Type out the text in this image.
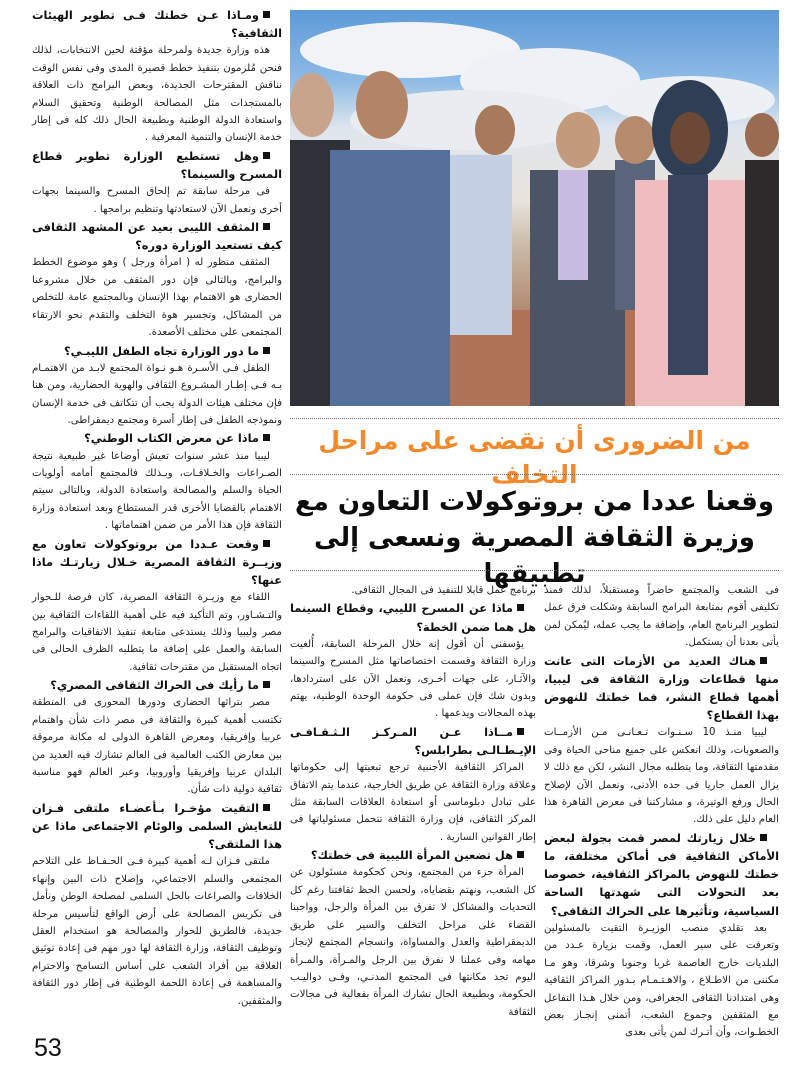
ومـاذا عـن خطتك فـى تطوير الهيئات الثقافية؟

هذه وزارة جديدة ولمرحلة مؤقتة لحين الانتخابات، لذلك فنحن مُلزمون بتنفيذ خطط قصيرة المدى وفى نفس الوقت نناقش المقترحات الجديدة، وبعض البرامج ذات العلاقة بالمستجدات مثل المصالحة الوطنية وتحقيق السلام واستعادة الدولة الوطنية وبطبيعة الحال ذلك كله فى إطار خدمة الإنسان والتنمية المعرفية .

وهل تستطيع الوزارة تطوير قطاع المسرح والسينما؟

فى مرحلة سابقة تم إلحاق المسرح والسينما بجهات أخرى ونعمل الآن لاستعادتها وتنظيم برامجها .

المثقف الليبى بعيد عن المشهد الثقافى كيف تستعيد الوزارة دوره؟

المثقف منظور له ( امرأة ورجل ) وهو موضوع الخطط والبرامج، وبالتالى فإن دور المثقف من خلال مشروعنا الحضارى هو الاهتمام بهذا الإنسان وبالمجتمع عامة للتخلص من المشاكل، وتجسير هوة التخلف والتقدم نحو الارتقاء المجتمعى على مختلف الأصعدة.

ما دور الوزارة تجاه الطفل الليبـي؟

الطفل فـى الأسـرة هـو نـواة المجتمع لابـد من الاهتمـام بـه فـى إطـار المشـروع الثقافى والهوية الحضارية، ومن هنا فإن مختلف هيئات الدولة يجب أن تتكاتف فى خدمة الإنسان ونموذجه الطفل فى إطار أسرة ومجتمع ديمقراطى.

ماذا عن معرض الكتاب الوطني؟

ليبيا منذ عشر سنوات تعيش أوضاعا غير طبيعية نتيجة الصـراعات والخـلافـات، وبـذلك فالمجتمع أمامه أولويات الحياة والسلم والمصالحة واستعادة الدولة، وبالتالى سيتم الاهتمام بالقضايا الأخرى قدر المستطاع وبعد استعادة وزارة الثقافة فإن هذا الأمر من ضمن اهتماماتها .

وقعت عـددا من بروتوكولات تعاون مع وزيــرة الثقافة المصرية خـلال زيارتـك ماذا عنها؟

اللقاء مع وزيـرة الثقافة المصرية، كان فرصة للـحوار والتـشـاور، وتم التأكيد فيه على أهمية اللقاءات الثقافية بين مصر وليبيا وذلك يستدعى متابعة تنفيذ الاتفاقيات والبرامج السابقة والعمل على إضافة ما يتطلبه الظرف الحالى فى اتجاه المستقبل من مقترحات ثقافية.

ما رأيك فى الحراك الثقافى المصري؟

مصر بتراثها الحضارى ودورها المحورى فى المنطقة تكتسب أهمية كبيرة والثقافة فى مصر ذات شأن واهتمام عربيا وإفريقيا، ومعرض القاهرة الدولى له مكانة مرموقة بين معارض الكتب العالمية فى العالم تشارك فيه العديد من البلدان عربيا وإفريقيا وأوروبيا، وعبر العالم فهو مناسبة ثقافية دولية ذات شأن.

التقيت مؤخـرا بـأعضـاء ملتقى فـزان للتعايش السلمى والوئام الاجتماعى ماذا عن هذا الملتقى؟

ملتقى فـزان لـه أهمية كبيرة فـى الحـفـاظ على التلاحم المجتمعى والسلم الاجتماعي، وإصلاح ذات البين وإنهاء الخلافات والصراعات بالحل السلمى لمصلحة الوطن ونأمل فى تكريس المصالحة على أرض الواقع لتأسيس مرحلة جديدة، فالطريق للحوار والمصالحة هو استخدام العقل وتوظيف الثقافة، وزارة الثقافة لها دور مهم فى إعادة توثيق العلاقة بين أفراد الشعب على أساس التسامح والاحترام والمساهمة فى إعادة اللحمة الوطنية فى إطار دور الثقافة والمثقفين.

من الضرورى أن نقضى على مراحل التخلف
وقعنا عددا من بروتوكولات التعاون مع وزيرة الثقافة المصرية ونسعى إلى تطبيقها

برنامج عمل قابلا للتنفيذ فى المجال الثقافى.

ماذا عن المسرح الليبي، وقطاع السينما هل هما ضمن الخطة؟

يؤسفنى أن أقول إنه خلال المرحلة السابقة، أُلغيت وزارة الثقافة وقسمت اختصاصاتها مثل المسرح والسينما والآثـار، على جهات أخـرى، ونعمل الآن على استردادها، وبدون شك فإن عملى فى حكومة الوحدة الوطنية، يهتم بهذه المجالات ويدعمها .

مــاذا عـن المـركـز الـثـقـافـى الإيـطـالـى بطرابلس؟

المراكز الثقافية الأجنبية ترجع تبعيتها إلى حكوماتها وعلاقة وزارة الثقافة عن طريق الخارجية، عندما يتم الاتفاق على تبادل دبلوماسى أو استعادة العلاقات السابقة مثل المركز الثقافى، فإن وزارة الثقافة تتحمل مسئولياتها فى إطار القوانين السارية .

هل تضعين المرأة الليبية فى خطتك؟

المرأة جزء من المجتمع، ونحن كحكومة مسئولون عن كل الشعب، ونهتم بقضاياه، ولحسن الحظ ثقافتنا رغم كل التحديات والمشاكل لا تفرق بين المرأة والرجل، وواجبنا القضاء على مراحل التخلف والسير على طريق الديمقراطية والعدل والمساواة، وانسجام المجتمع لإنجاز مهامه وفى عملنا لا نفرق بين الرجل والمـرأة، والمـرأة اليوم تجد مكانتها فى المجتمع المدنـي، وفـى دواليـب الحكومة، وبطبيعة الحال تشارك المرأة بفعالية فى مجالات الثقافة

فى الشعب والمجتمع حاضراً ومستقبلاً، لذلك فمنذ تكليفى أقوم بمتابعة البرامج السابقة وشكلت فرق عمل لتطوير البرنامج العام، وإضافة ما يجب عمله، ليُمكن لمن يأتى بعدنا أن يستكمل.

هناك العديد من الأزمات التى عانت منها قطاعات وزارة الثقافة فى ليبيا، أهمها قطاع النشر، فما خطتك للنهوض بهذا القطاع؟

ليبيا منـذ 10 سـنـوات تـعـانـى مـن الأزمــات والصعوبات، وذلك انعكس على جميع مناحى الحياة وفى مقدمتها الثقافة، وما يتطلبه مجال النشر، لكن مع ذلك لا يزال العمل جاريا فى حده الأدنى، ونعمل الآن لإصلاح الحال ورفع الوتيرة، و مشاركتنا فى معرض القاهرة هذا العام دليل على ذلك.

خلال زيارتك لمصر قمت بجولة لبعض الأماكن الثقافية فى أماكن مختلفة، ما خطتك للنهوض بالمراكز الثقافية، خصوصا بعد التحولات التى شهدتها الساحة السياسية، وتأثيرها على الحراك الثقافى؟

بعد تقلدي منصب الوزيـرة التقيت بالمسئولين وتعرفت على سير العمل، وقمت بزيارة عـدد من البلديات خارج العاصمة غربا وجنوبا وشرقا، وهو مـا مكننى من الاطـلاع ، والاهـتـمـام بـدور المراكز الثقافية وهى امتدادنا الثقافى الجغرافى، ومن خلال هـذا التفاعل مع المثقفين وجموع الشعب، أتمنى إنجـاز بعض الخطـوات، وأن أتـرك لمن يأتى بعدى

53
